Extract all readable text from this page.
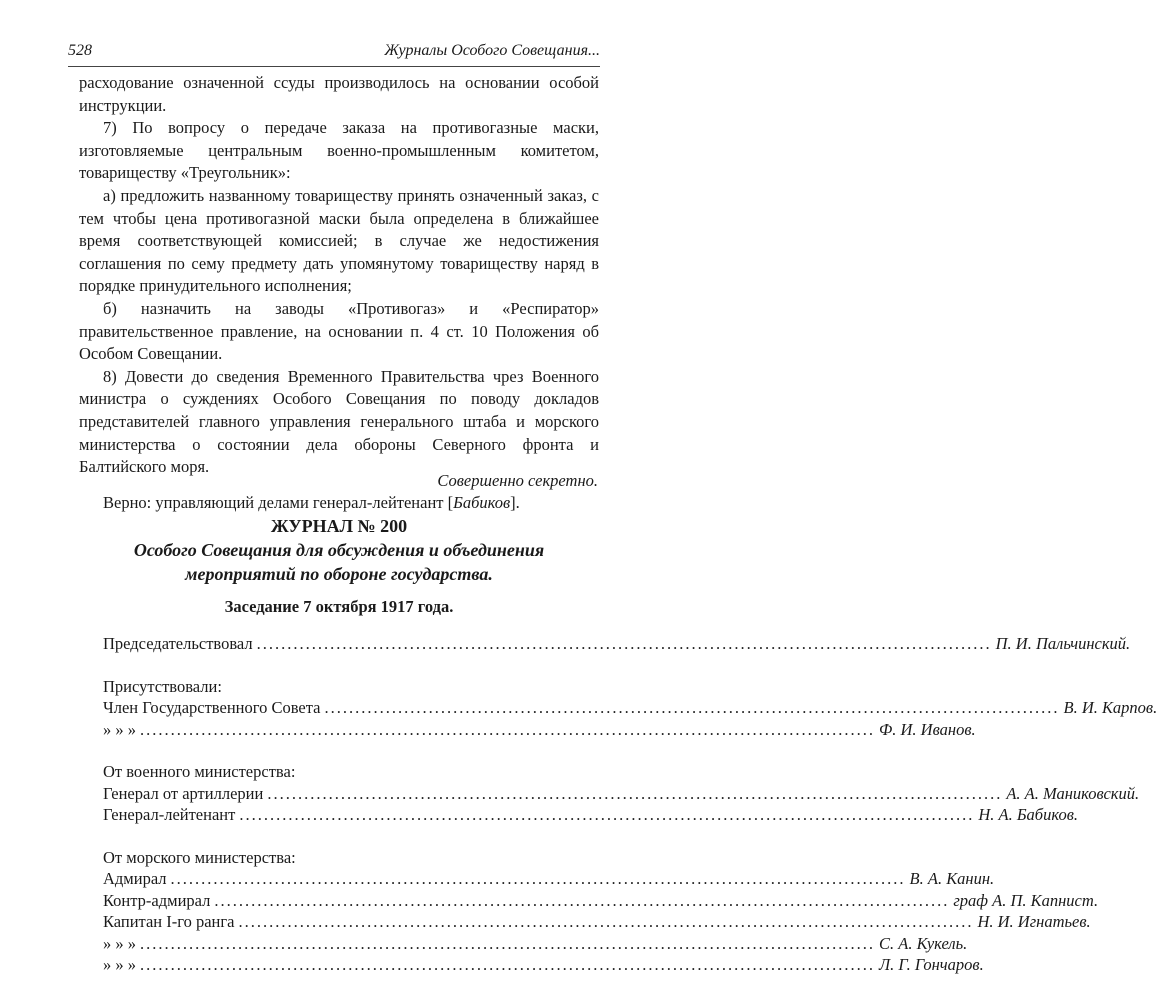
528	Журналы Особого Совещания...

расходование означенной ссуды производилось на основании особой инструкции.

7) По вопросу о передаче заказа на противогазные маски, изготовляемые центральным военно-промышленным комитетом, товариществу «Треугольник»:

а) предложить названному товариществу принять означенный заказ, с тем чтобы цена противогазной маски была определена в ближайшее время соответствующей комиссией; в случае же недостижения соглашения по сему предмету дать упомянутому товариществу наряд в порядке принудительного исполнения;

б) назначить на заводы «Противогаз» и «Респиратор» правительственное правление, на основании п. 4 ст. 10 Положения об Особом Совещании.

8) Довести до сведения Временного Правительства чрез Военного министра о суждениях Особого Совещания по поводу докладов представителей главного управления генерального штаба и морского министерства о состоянии дела обороны Северного фронта и Балтийского моря.

Верно: управляющий делами генерал-лейтенант [Бабиков].

Совершенно секретно.
ЖУРНАЛ № 200
Особого Совещания для обсуждения и объединения
мероприятий по обороне государства.
Заседание 7 октября 1917 года.
Председательствовал ........................................................................................................................ П. И. Пальчинский.
Присутствовали:
Член Государственного Совета ........................................................................................................................ В. И. Карпов.
» » » ........................................................................................................................ Ф. И. Иванов.
От военного министерства:
Генерал от артиллерии ........................................................................................................................ А. А. Маниковский.
Генерал-лейтенант ........................................................................................................................ Н. А. Бабиков.
От морского министерства:
Адмирал ........................................................................................................................ В. А. Канин.
Контр-адмирал ........................................................................................................................ граф А. П. Капнист.
Капитан I-го ранга ........................................................................................................................ Н. И. Игнатьев.
» » » ........................................................................................................................ С. А. Кукель.
» » » ........................................................................................................................ Л. Г. Гончаров.
